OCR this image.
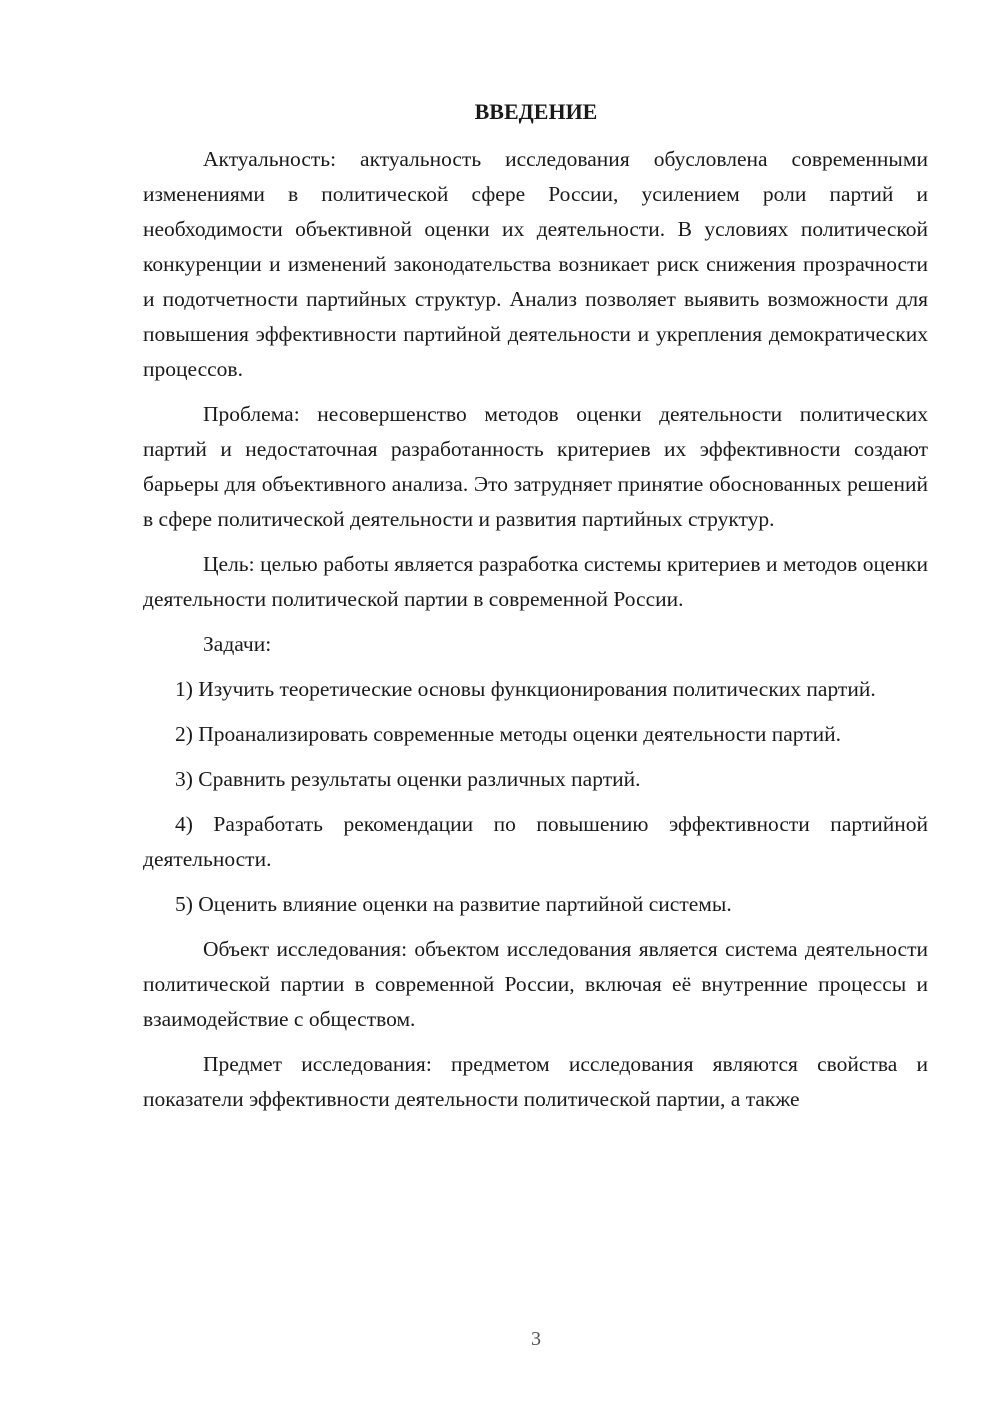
ВВЕДЕНИЕ

Актуальность: актуальность исследования обусловлена современными изменениями в политической сфере России, усилением роли партий и необходимости объективной оценки их деятельности. В условиях политической конкуренции и изменений законодательства возникает риск снижения прозрачности и подотчетности партийных структур. Анализ позволяет выявить возможности для повышения эффективности партийной деятельности и укрепления демократических процессов.

Проблема: несовершенство методов оценки деятельности политических партий и недостаточная разработанность критериев их эффективности создают барьеры для объективного анализа. Это затрудняет принятие обоснованных решений в сфере политической деятельности и развития партийных структур.

Цель: целью работы является разработка системы критериев и методов оценки деятельности политической партии в современной России.

Задачи:

1) Изучить теоретические основы функционирования политических партий.

2) Проанализировать современные методы оценки деятельности партий.

3) Сравнить результаты оценки различных партий.

4) Разработать рекомендации по повышению эффективности партийной деятельности.

5) Оценить влияние оценки на развитие партийной системы.

Объект исследования: объектом исследования является система деятельности политической партии в современной России, включая её внутренние процессы и взаимодействие с обществом.

Предмет исследования: предметом исследования являются свойства и показатели эффективности деятельности политической партии, а также

3
